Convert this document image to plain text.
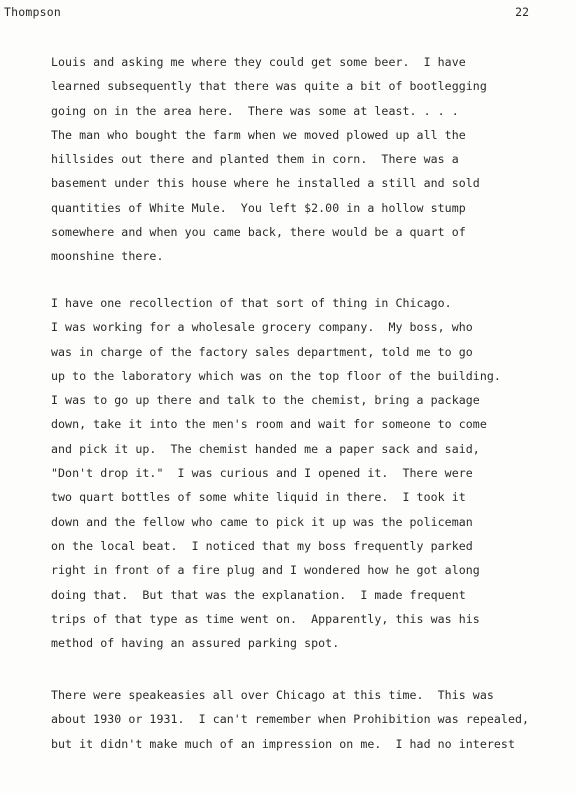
Thompson	22
Louis and asking me where they could get some beer.  I have
learned subsequently that there was quite a bit of bootlegging
going on in the area here.  There was some at least. . . .
The man who bought the farm when we moved plowed up all the
hillsides out there and planted them in corn.  There was a
basement under this house where he installed a still and sold
quantities of White Mule.  You left $2.00 in a hollow stump
somewhere and when you came back, there would be a quart of
moonshine there.
I have one recollection of that sort of thing in Chicago.
I was working for a wholesale grocery company.  My boss, who
was in charge of the factory sales department, told me to go
up to the laboratory which was on the top floor of the building.
I was to go up there and talk to the chemist, bring a package
down, take it into the men's room and wait for someone to come
and pick it up.  The chemist handed me a paper sack and said,
"Don't drop it."  I was curious and I opened it.  There were
two quart bottles of some white liquid in there.  I took it
down and the fellow who came to pick it up was the policeman
on the local beat.  I noticed that my boss frequently parked
right in front of a fire plug and I wondered how he got along
doing that.  But that was the explanation.  I made frequent
trips of that type as time went on.  Apparently, this was his
method of having an assured parking spot.
There were speakeasies all over Chicago at this time.  This was
about 1930 or 1931.  I can't remember when Prohibition was repealed,
but it didn't make much of an impression on me.  I had no interest
